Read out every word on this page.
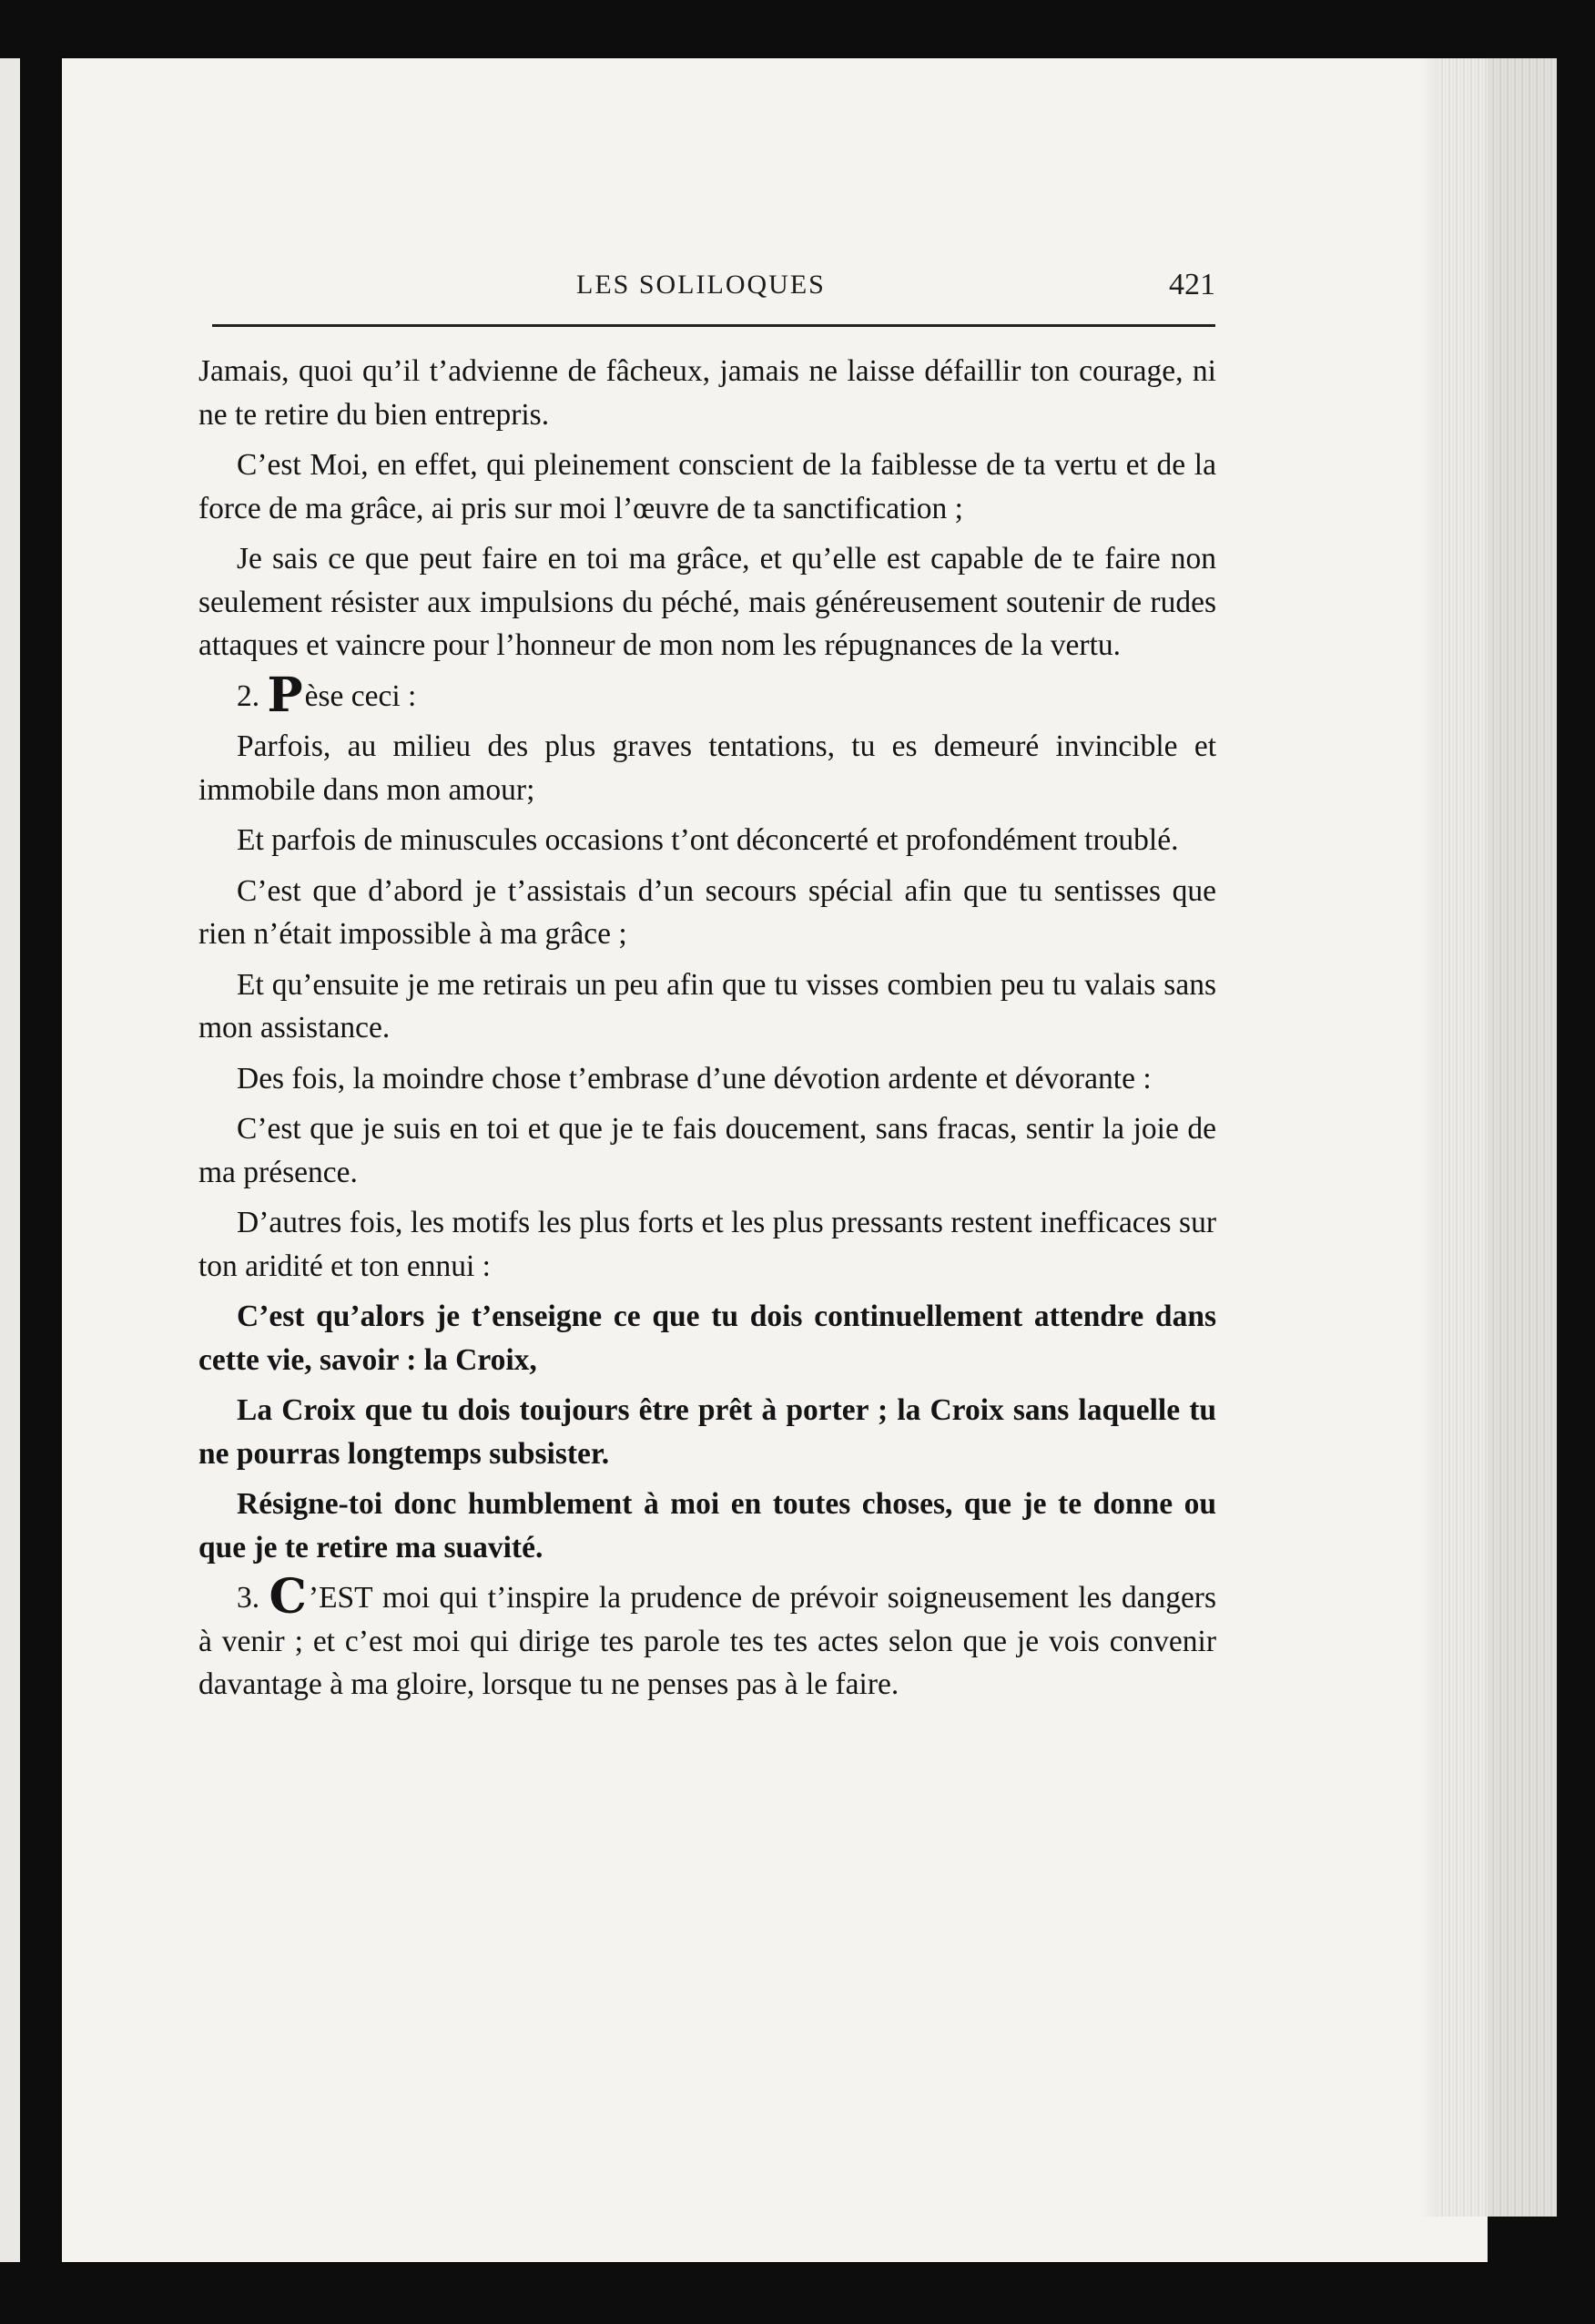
LES SOLILOQUES	421

Jamais, quoi qu’il t’advienne de fâcheux, jamais ne laisse défaillir ton courage, ni ne te retire du bien entrepris.

C’est Moi, en effet, qui pleinement conscient de la faiblesse de ta vertu et de la force de ma grâce, ai pris sur moi l’œuvre de ta sanctification ;

Je sais ce que peut faire en toi ma grâce, et qu’elle est capable de te faire non seulement résister aux impulsions du péché, mais généreusement soutenir de rudes attaques et vaincre pour l’honneur de mon nom les répugnances de la vertu.

2. Pèse ceci :

Parfois, au milieu des plus graves tentations, tu es demeuré invincible et immobile dans mon amour;

Et parfois de minuscules occasions t’ont déconcerté et profondément troublé.

C’est que d’abord je t’assistais d’un secours spécial afin que tu sentisses que rien n’était impossible à ma grâce ;

Et qu’ensuite je me retirais un peu afin que tu visses combien peu tu valais sans mon assistance.

Des fois, la moindre chose t’embrase d’une dévotion ardente et dévorante :

C’est que je suis en toi et que je te fais doucement, sans fracas, sentir la joie de ma présence.

D’autres fois, les motifs les plus forts et les plus pressants restent inefficaces sur ton aridité et ton ennui :

C’est qu’alors je t’enseigne ce que tu dois continuellement attendre dans cette vie, savoir : la Croix,

La Croix que tu dois toujours être prêt à porter ; la Croix sans laquelle tu ne pourras longtemps subsister.

Résigne-toi donc humblement à moi en toutes choses, que je te donne ou que je te retire ma suavité.

3. C’EST moi qui t’inspire la prudence de prévoir soigneusement les dangers à venir ; et c’est moi qui dirige tes parole tes tes actes selon que je vois convenir davantage à ma gloire, lorsque tu ne penses pas à le faire.
